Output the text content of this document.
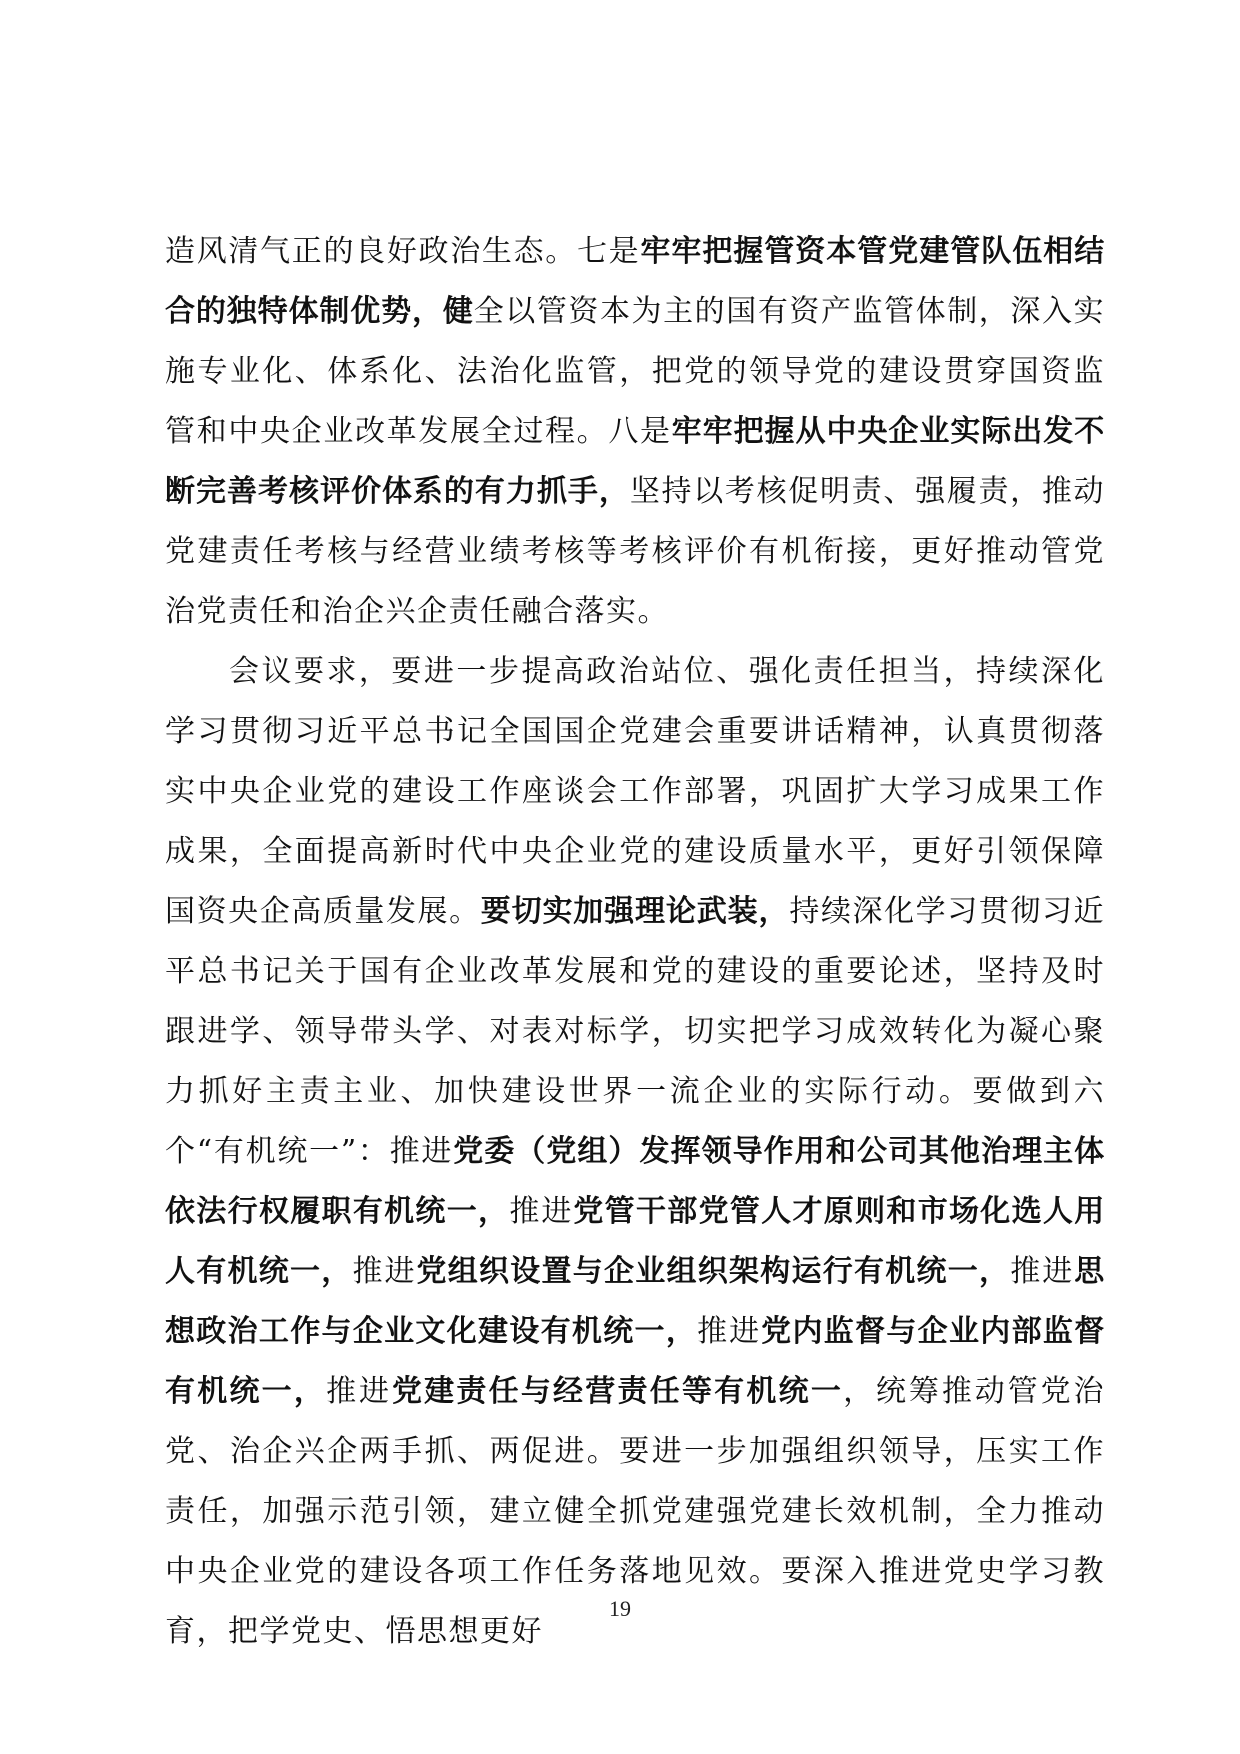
造风清气正的良好政治生态。七是牢牢把握管资本管党建管队伍相结合的独特体制优势，健全以管资本为主的国有资产监管体制，深入实施专业化、体系化、法治化监管，把党的领导党的建设贯穿国资监管和中央企业改革发展全过程。八是牢牢把握从中央企业实际出发不断完善考核评价体系的有力抓手，坚持以考核促明责、强履责，推动党建责任考核与经营业绩考核等考核评价有机衔接，更好推动管党治党责任和治企兴企责任融合落实。

会议要求，要进一步提高政治站位、强化责任担当，持续深化学习贯彻习近平总书记全国国企党建会重要讲话精神，认真贯彻落实中央企业党的建设工作座谈会工作部署，巩固扩大学习成果工作成果，全面提高新时代中央企业党的建设质量水平，更好引领保障国资央企高质量发展。要切实加强理论武装，持续深化学习贯彻习近平总书记关于国有企业改革发展和党的建设的重要论述，坚持及时跟进学、领导带头学、对表对标学，切实把学习成效转化为凝心聚力抓好主责主业、加快建设世界一流企业的实际行动。要做到六个“有机统一”：推进党委（党组）发挥领导作用和公司其他治理主体依法行权履职有机统一，推进党管干部党管人才原则和市场化选人用人有机统一，推进党组织设置与企业组织架构运行有机统一，推进思想政治工作与企业文化建设有机统一，推进党内监督与企业内部监督有机统一，推进党建责任与经营责任等有机统一，统筹推动管党治党、治企兴企两手抓、两促进。要进一步加强组织领导，压实工作责任，加强示范引领，建立健全抓党建强党建长效机制，全力推动中央企业党的建设各项工作任务落地见效。要深入推进党史学习教育，把学党史、悟思想更好

19
